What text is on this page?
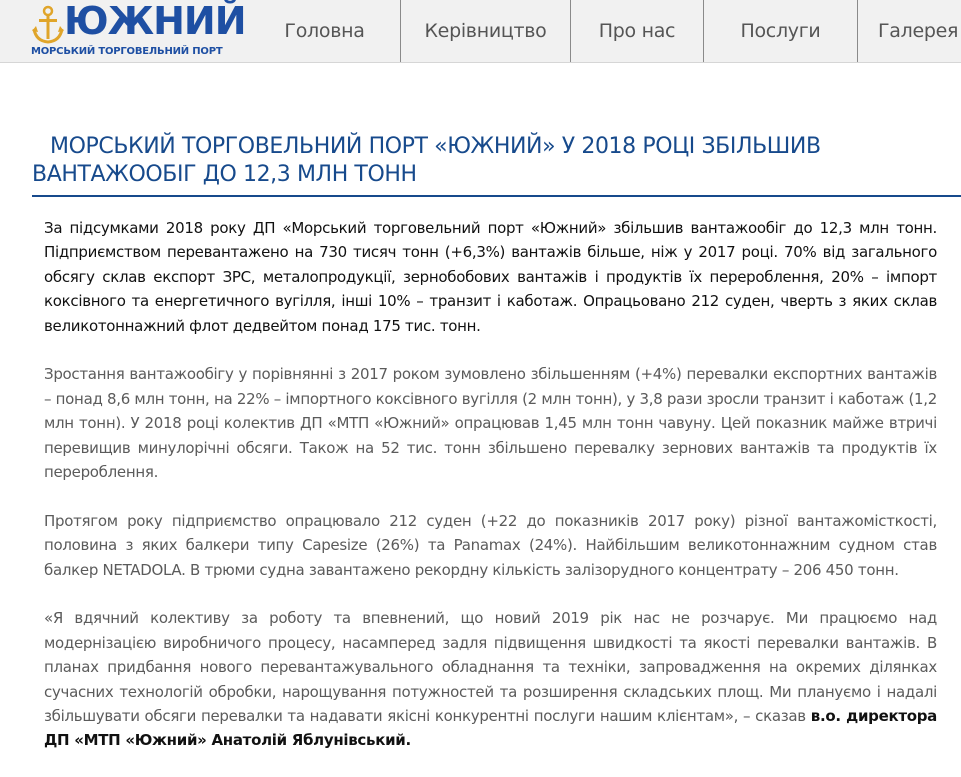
ЮЖНИЙ
МОРСЬКИЙ ТОРГОВЕЛЬНИЙ ПОРТ
Головна	Керівництво	Про нас	Послуги	Галерея
МОРСЬКИЙ ТОРГОВЕЛЬНИЙ ПОРТ «ЮЖНИЙ» У 2018 РОЦІ ЗБІЛЬШИВ ВАНТАЖООБІГ ДО 12,3 МЛН ТОНН

За підсумками 2018 року ДП «Морський торговельний порт «Южний» збільшив вантажообіг до 12,3 млн тонн. Підприємством перевантажено на 730 тисяч тонн (+6,3%) вантажів більше, ніж у 2017 році. 70% від загального обсягу склав експорт ЗРС, металопродукції, зернобобових вантажів і продуктів їх перероблення, 20% – імпорт коксівного та енергетичного вугілля, інші 10% – транзит і каботаж. Опрацьовано 212 суден, чверть з яких склав великотоннажний флот дедвейтом понад 175 тис. тонн.

Зростання вантажообігу у порівнянні з 2017 роком зумовлено збільшенням (+4%) перевалки експортних вантажів – понад 8,6 млн тонн, на 22% – імпортного коксівного вугілля (2 млн тонн), у 3,8 рази зросли транзит і каботаж (1,2 млн тонн). У 2018 році колектив ДП «МТП «Южний» опрацював 1,45 млн тонн чавуну. Цей показник майже втричі перевищив минулорічні обсяги. Також на 52 тис. тонн збільшено перевалку зернових вантажів та продуктів їх перероблення.

Протягом року підприємство опрацювало 212 суден (+22 до показників 2017 року) різної вантажомісткості, половина з яких балкери типу Capesize (26%) та Panamax (24%). Найбільшим великотоннажним судном став балкер NETADOLA. В трюми судна завантажено рекордну кількість залізорудного концентрату – 206 450 тонн.

«Я вдячний колективу за роботу та впевнений, що новий 2019 рік нас не розчарує. Ми працюємо над модернізацією виробничого процесу, насамперед задля підвищення швидкості та якості перевалки вантажів. В планах придбання нового перевантажувального обладнання та техніки, запровадження на окремих ділянках сучасних технологій обробки, нарощування потужностей та розширення складських площ. Ми плануємо і надалі збільшувати обсяги перевалки та надавати якісні конкурентні послуги нашим клієнтам», – сказав в.о. директора ДП «МТП «Южний» Анатолій Яблунівський.
